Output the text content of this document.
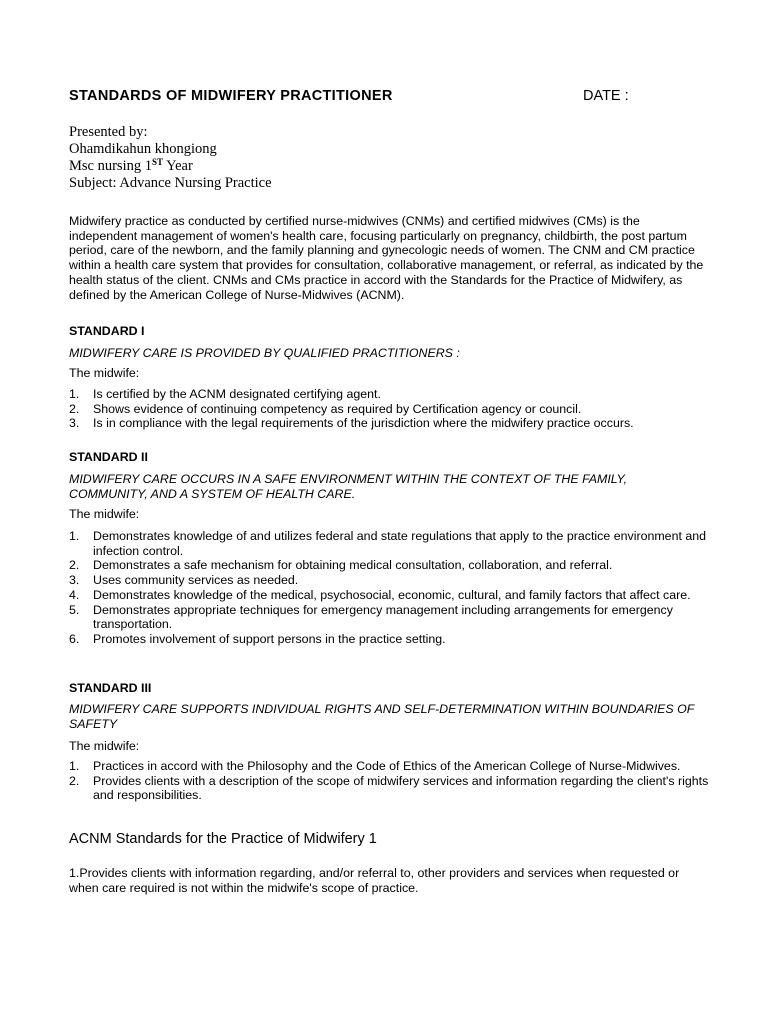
STANDARDS OF MIDWIFERY PRACTITIONER	DATE :
Presented by:
Ohamdikahun khongiong
Msc nursing 1ST Year
Subject: Advance Nursing Practice
Midwifery practice as conducted by certified nurse-midwives (CNMs) and certified midwives (CMs) is the independent management of women's health care, focusing particularly on pregnancy, childbirth, the post partum period, care of the newborn, and the family planning and gynecologic needs of women. The CNM and CM practice within a health care system that provides for consultation, collaborative management, or referral, as indicated by the health status of the client. CNMs and CMs practice in accord with the Standards for the Practice of Midwifery, as defined by the American College of Nurse-Midwives (ACNM).
STANDARD I
MIDWIFERY CARE IS PROVIDED BY QUALIFIED PRACTITIONERS :
The midwife:
1. Is certified by the ACNM designated certifying agent.
2. Shows evidence of continuing competency as required by Certification agency or council.
3. Is in compliance with the legal requirements of the jurisdiction where the midwifery practice occurs.
STANDARD II
MIDWIFERY CARE OCCURS IN A SAFE ENVIRONMENT WITHIN THE CONTEXT OF THE FAMILY, COMMUNITY, AND A SYSTEM OF HEALTH CARE.
The midwife:
1. Demonstrates knowledge of and utilizes federal and state regulations that apply to the practice environment and infection control.
2. Demonstrates a safe mechanism for obtaining medical consultation, collaboration, and referral.
3. Uses community services as needed.
4. Demonstrates knowledge of the medical, psychosocial, economic, cultural, and family factors that affect care.
5. Demonstrates appropriate techniques for emergency management including arrangements for emergency transportation.
6. Promotes involvement of support persons in the practice setting.
STANDARD III
MIDWIFERY CARE SUPPORTS INDIVIDUAL RIGHTS AND SELF-DETERMINATION WITHIN BOUNDARIES OF SAFETY
The midwife:
1. Practices in accord with the Philosophy and the Code of Ethics of the American College of Nurse-Midwives.
2. Provides clients with a description of the scope of midwifery services and information regarding the client's rights and responsibilities.
ACNM Standards for the Practice of Midwifery 1
1.Provides clients with information regarding, and/or referral to, other providers and services when requested or when care required is not within the midwife's scope of practice.
